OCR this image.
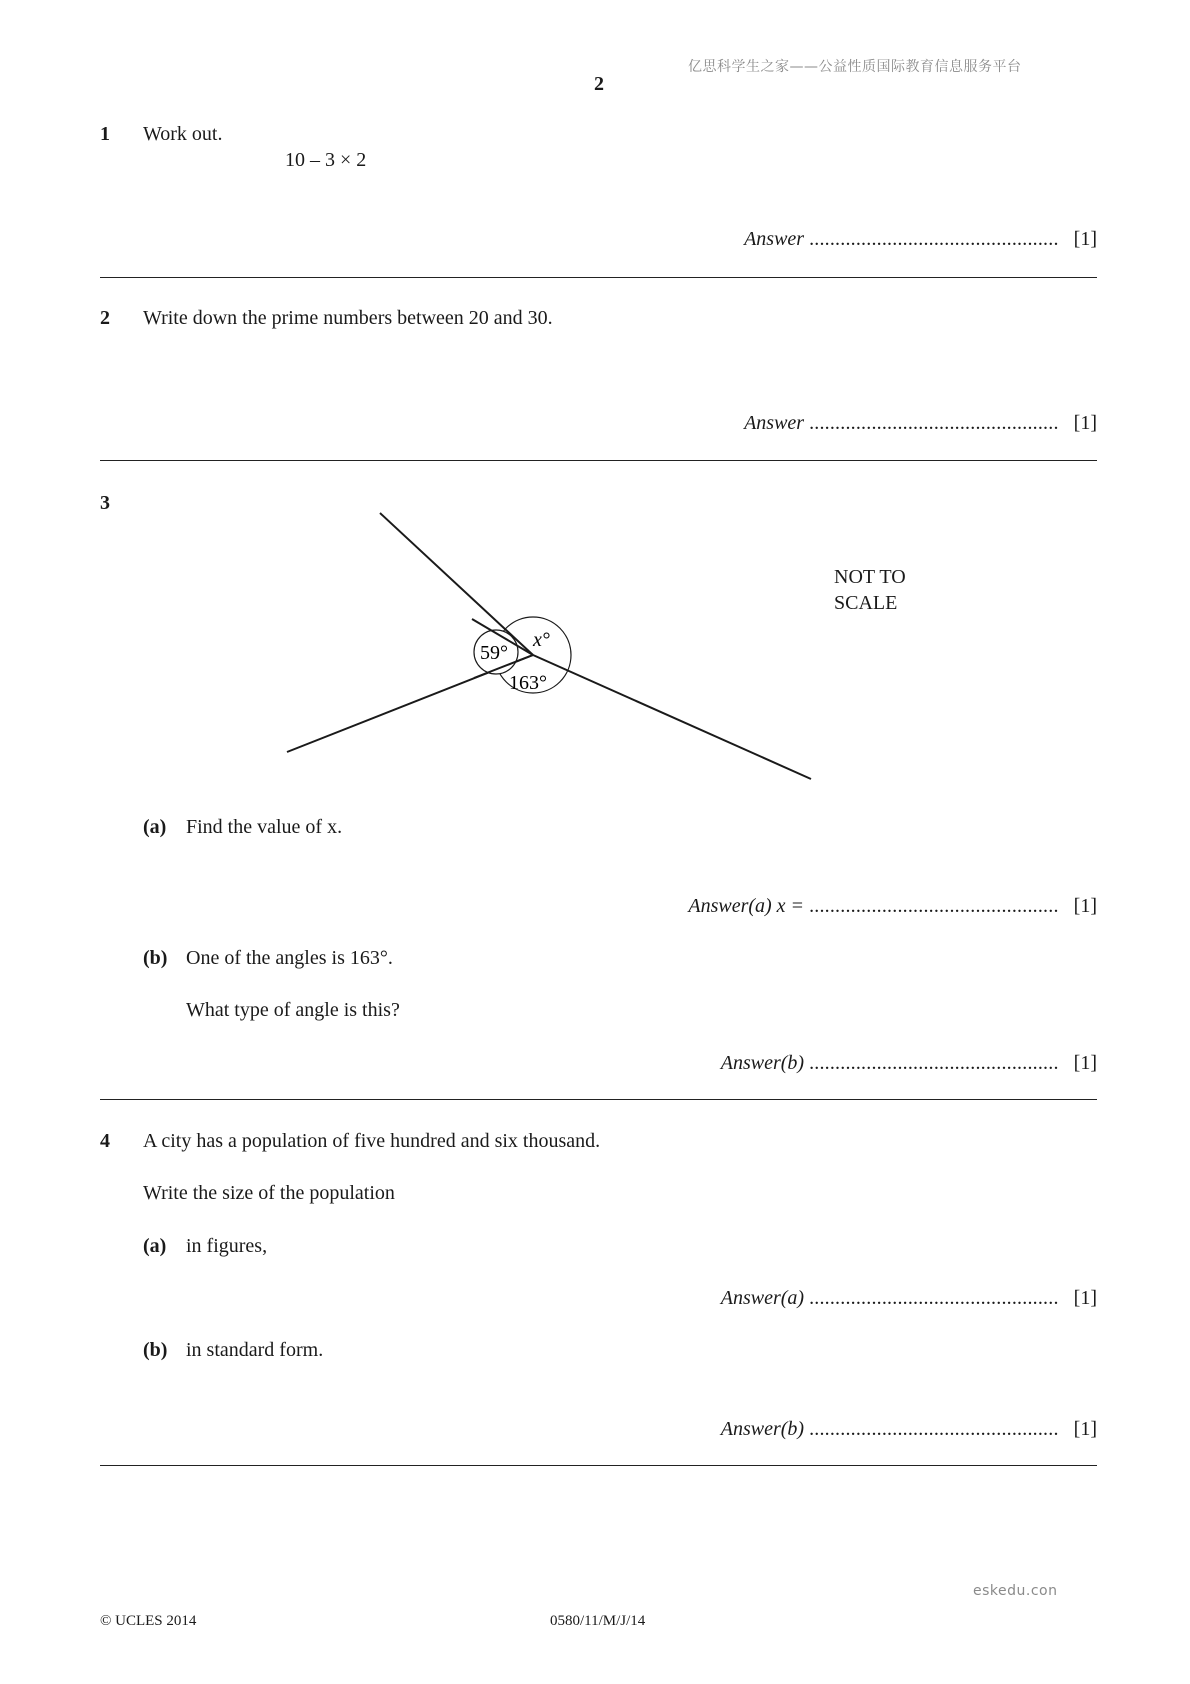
亿思科学生之家——公益性质国际教育信息服务平台
2
1 Work out.
10 – 3 × 2
Answer ................................................ [1]
2 Write down the prime numbers between 20 and 30.
Answer ................................................ [1]
3
59°
x°
163°
NOT TO
SCALE
(a) Find the value of x.
Answer(a) x = ................................................ [1]
(b) One of the angles is 163°.
What type of angle is this?
Answer(b) ................................................ [1]
4 A city has a population of five hundred and six thousand.
Write the size of the population
(a) in figures,
Answer(a) ................................................ [1]
(b) in standard form.
Answer(b) ................................................ [1]
eskedu.con
© UCLES 2014	0580/11/M/J/14
